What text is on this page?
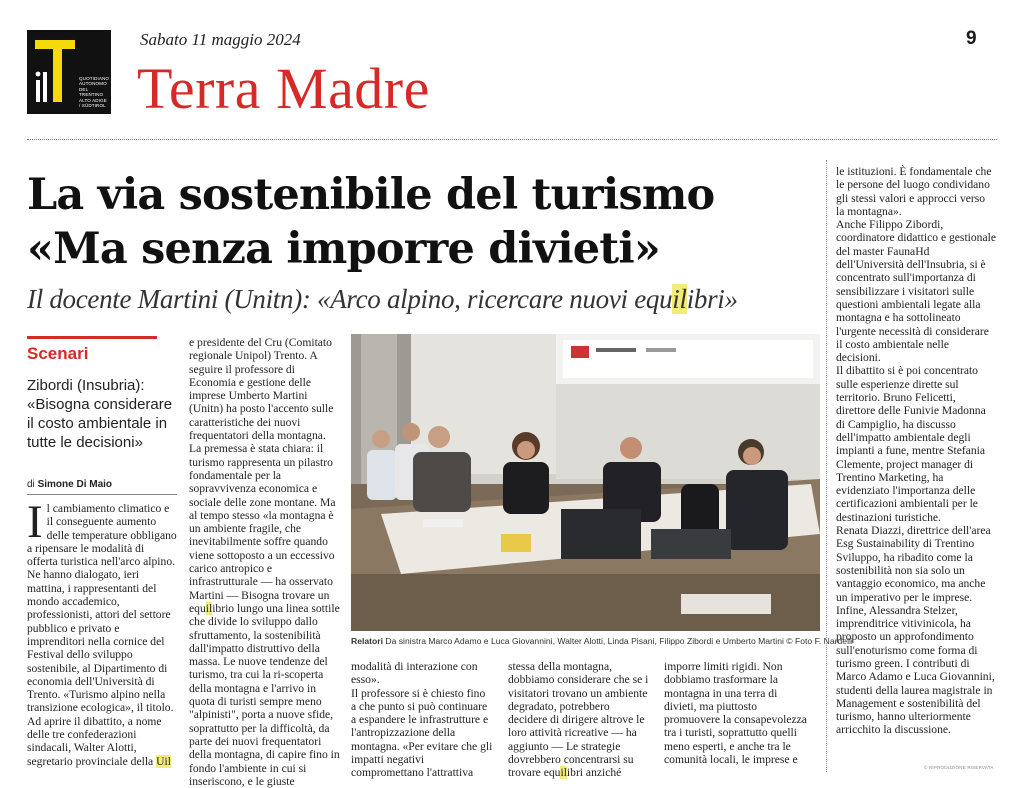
QUOTIDIANO AUTONOMO DEL TRENTINO ALTO ADIGE / SÜDTIROL
Sabato 11 maggio 2024	9
Terra Madre
La via sostenibile del turismo
«Ma senza imporre divieti»
Il docente Martini (Unitn): «Arco alpino, ricercare nuovi equilibri»
Scenari
Zibordi (Insubria): «Bisogna considerare il costo ambientale in tutte le decisioni»
di Simone Di Maio

Il cambiamento climatico e il conseguente aumento delle temperature obbligano a ripensare le modalità di offerta turistica nell'arco alpino. Ne hanno dialogato, ieri mattina, i rappresentanti del mondo accademico, professionisti, attori del settore pubblico e privato e imprenditori nella cornice del Festival dello sviluppo sostenibile, al Dipartimento di economia dell'Università di Trento. «Turismo alpino nella transizione ecologica», il titolo.

Ad aprire il dibattito, a nome delle tre confederazioni sindacali, Walter Alotti, segretario provinciale della Uil

e presidente del Cru (Comitato regionale Unipol) Trento. A seguire il professore di Economia e gestione delle imprese Umberto Martini (Unitn) ha posto l'accento sulle caratteristiche dei nuovi frequentatori della montagna.

La premessa è stata chiara: il turismo rappresenta un pilastro fondamentale per la sopravvivenza economica e sociale delle zone montane. Ma al tempo stesso «la montagna è un ambiente fragile, che inevitabilmente soffre quando viene sottoposto a un eccessivo carico antropico e infrastrutturale — ha osservato Martini — Bisogna trovare un equilibrio lungo una linea sottile che divide lo sviluppo dallo sfruttamento, la sostenibilità dall'impatto distruttivo della massa. Le nuove tendenze del turismo, tra cui la ri-scoperta della montagna e l'arrivo in quota di turisti sempre meno "alpinisti", porta a nuove sfide, soprattutto per la difficoltà, da parte dei nuovi frequentatori della montagna, di capire fino in fondo l'ambiente in cui si inseriscono, e le giuste

Relatori Da sinistra Marco Adamo e Luca Giovannini, Walter Alotti, Linda Pisani, Filippo Zibordi e Umberto Martini © Foto F. Nardelli

modalità di interazione con esso».

Il professore si è chiesto fino a che punto si può continuare a espandere le infrastrutture e l'antropizzazione della montagna. «Per evitare che gli impatti negativi compromettano l'attrattiva

stessa della montagna, dobbiamo considerare che se i visitatori trovano un ambiente degradato, potrebbero decidere di dirigere altrove le loro attività ricreative — ha aggiunto — Le strategie dovrebbero concentrarsi su trovare equilibri anziché

imporre limiti rigidi. Non dobbiamo trasformare la montagna in una terra di divieti, ma piuttosto promuovere la consapevolezza tra i turisti, soprattutto quelli meno esperti, e anche tra le comunità locali, le imprese e

le istituzioni. È fondamentale che le persone del luogo condividano gli stessi valori e approcci verso la montagna».

Anche Filippo Zibordi, coordinatore didattico e gestionale del master FaunaHd dell'Università dell'Insubria, si è concentrato sull'importanza di sensibilizzare i visitatori sulle questioni ambientali legate alla montagna e ha sottolineato l'urgente necessità di considerare il costo ambientale nelle decisioni.

Il dibattito si è poi concentrato sulle esperienze dirette sul territorio. Bruno Felicetti, direttore delle Funivie Madonna di Campiglio, ha discusso dell'impatto ambientale degli impianti a fune, mentre Stefania Clemente, project manager di Trentino Marketing, ha evidenziato l'importanza delle certificazioni ambientali per le destinazioni turistiche.

Renata Diazzi, direttrice dell'area Esg Sustainability di Trentino Sviluppo, ha ribadito come la sostenibilità non sia solo un vantaggio economico, ma anche un imperativo per le imprese.

Infine, Alessandra Stelzer, imprenditrice vitivinicola, ha proposto un approfondimento sull'enoturismo come forma di turismo green. I contributi di Marco Adamo e Luca Giovannini, studenti della laurea magistrale in Management e sostenibilità del turismo, hanno ulteriormente arricchito la discussione.

© RIPRODUZIONE RISERVATA
